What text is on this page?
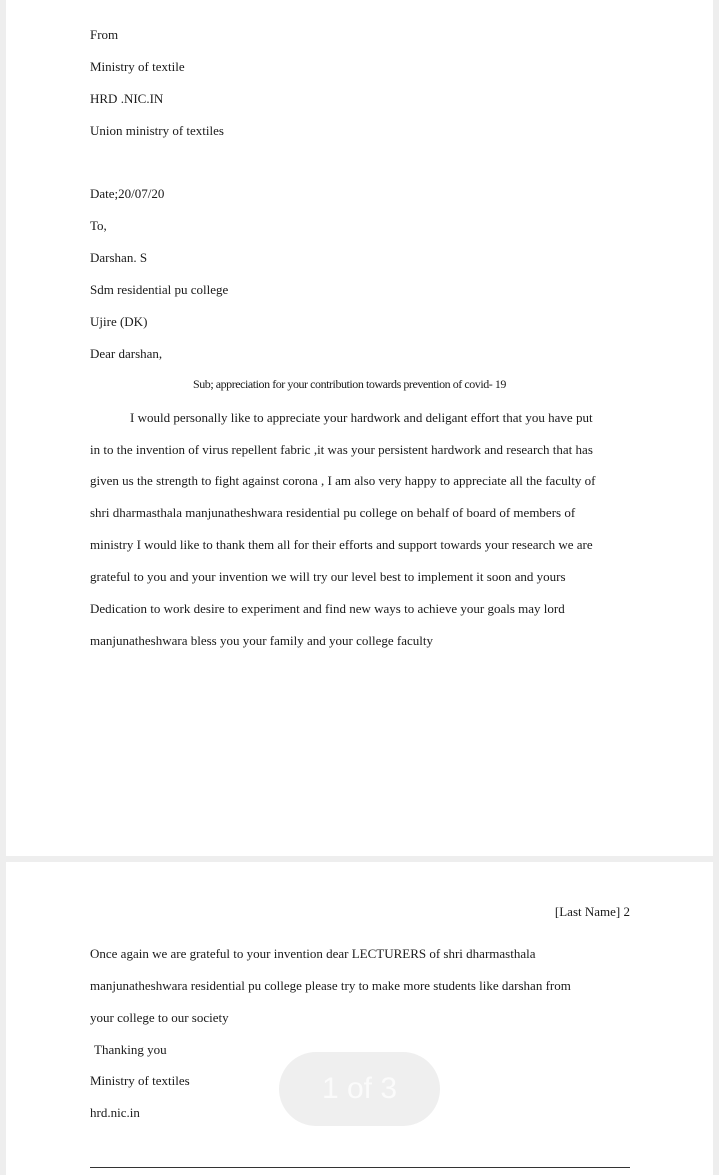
From
Ministry of textile
HRD .NIC.IN
Union ministry of textiles
Date;20/07/20
To,
Darshan. S
Sdm residential pu college
Ujire (DK)
Dear darshan,
Sub; appreciation for your contribution towards prevention of covid- 19
I would personally like to appreciate your hardwork and deligant effort that you have put
in to the invention of virus repellent fabric ,it was your persistent hardwork and research that has
given us the strength to fight against corona , I am also very happy to appreciate all the faculty of
shri dharmasthala manjunatheshwara residential pu college on behalf of board of members of
ministry I would like to thank them all for their efforts and support towards your research we are
grateful to you and your invention we will try our level best to implement it soon and yours
Dedication to work desire to experiment and find new ways to achieve your goals may lord
manjunatheshwara bless you your family and your college faculty
[Last Name] 2
Once again we are grateful to your invention dear LECTURERS of shri dharmasthala
manjunatheshwara residential pu college please try to make more students like darshan from
your college to our society
Thanking you
Ministry of textiles
hrd.nic.in
1 of 3
